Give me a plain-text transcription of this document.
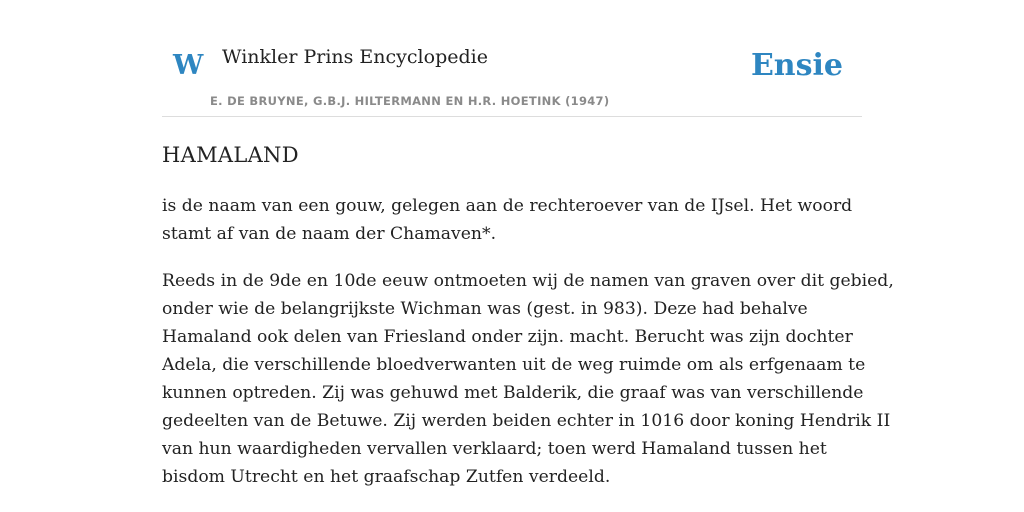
W Winkler Prins Encyclopedie
E. DE BRUYNE, G.B.J. HILTERMANN EN H.R. HOETINK (1947)
Ensie
HAMALAND

is de naam van een gouw, gelegen aan de rechteroever van de IJsel. Het woord
stamt af van de naam der Chamaven*.

Reeds in de 9de en 10de eeuw ontmoeten wij de namen van graven over dit gebied,
onder wie de belangrijkste Wichman was (gest. in 983). Deze had behalve
Hamaland ook delen van Friesland onder zijn. macht. Berucht was zijn dochter
Adela, die verschillende bloedverwanten uit de weg ruimde om als erfgenaam te
kunnen optreden. Zij was gehuwd met Balderik, die graaf was van verschillende
gedeelten van de Betuwe. Zij werden beiden echter in 1016 door koning Hendrik II
van hun waardigheden vervallen verklaard; toen werd Hamaland tussen het
bisdom Utrecht en het graafschap Zutfen verdeeld.
